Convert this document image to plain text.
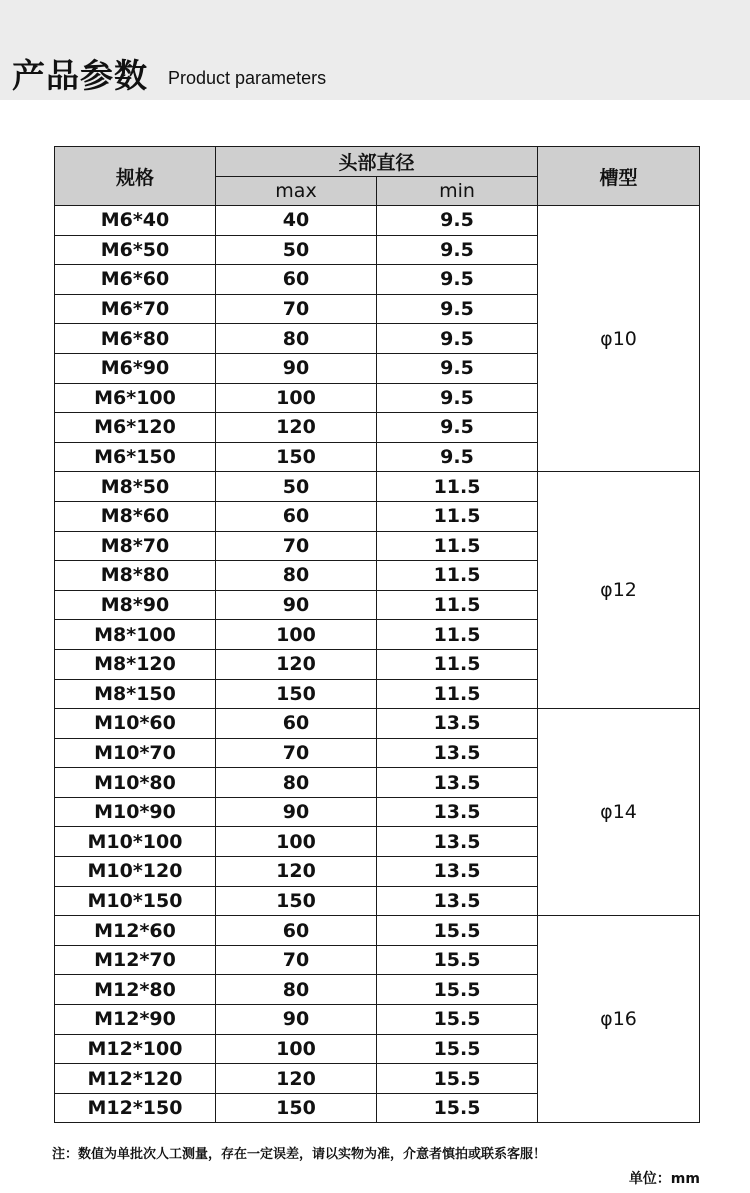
产品参数 Product parameters
规格	头部直径		槽型
	max	min	
M6*40	40	9.5	φ10
M6*50	50	9.5	
M6*60	60	9.5	
M6*70	70	9.5	
M6*80	80	9.5	
M6*90	90	9.5	
M6*100	100	9.5	
M6*120	120	9.5	
M6*150	150	9.5	
M8*50	50	11.5	φ12
M8*60	60	11.5	
M8*70	70	11.5	
M8*80	80	11.5	
M8*90	90	11.5	
M8*100	100	11.5	
M8*120	120	11.5	
M8*150	150	11.5	
M10*60	60	13.5	φ14
M10*70	70	13.5	
M10*80	80	13.5	
M10*90	90	13.5	
M10*100	100	13.5	
M10*120	120	13.5	
M10*150	150	13.5	
M12*60	60	15.5	φ16
M12*70	70	15.5	
M12*80	80	15.5	
M12*90	90	15.5	
M12*100	100	15.5	
M12*120	120	15.5	
M12*150	150	15.5	
注：数值为单批次人工测量，存在一定误差，请以实物为准，介意者慎拍或联系客服！
单位：mm
